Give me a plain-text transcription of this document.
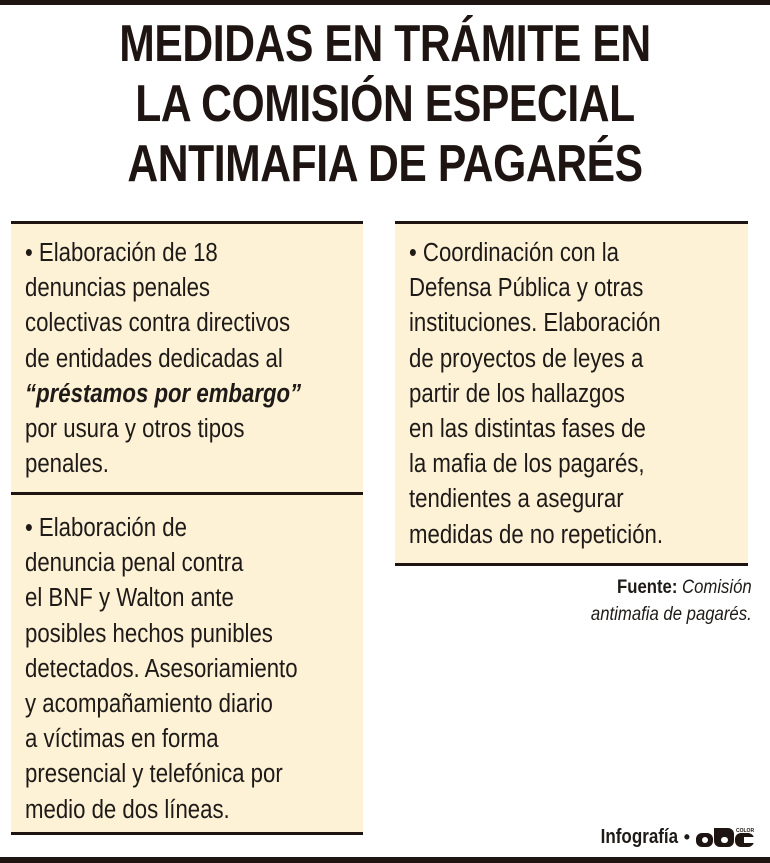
MEDIDAS EN TRÁMITE EN
LA COMISIÓN ESPECIAL
ANTIMAFIA DE PAGARÉS
• Elaboración de 18
denuncias penales
colectivas contra directivos
de entidades dedicadas al
“préstamos por embargo”
por usura y otros tipos
penales.
• Elaboración de
denuncia penal contra
el BNF y Walton ante
posibles hechos punibles
detectados. Asesoriamiento
y acompañamiento diario
a víctimas en forma
presencial y telefónica por
medio de dos líneas.
• Coordinación con la
Defensa Pública y otras
instituciones. Elaboración
de proyectos de leyes a
partir de los hallazgos
en las distintas fases de
la mafia de los pagarés,
tendientes a asegurar
medidas de no repetición.
Fuente: Comisión
antimafia de pagarés.
Infografía •	COLOR
